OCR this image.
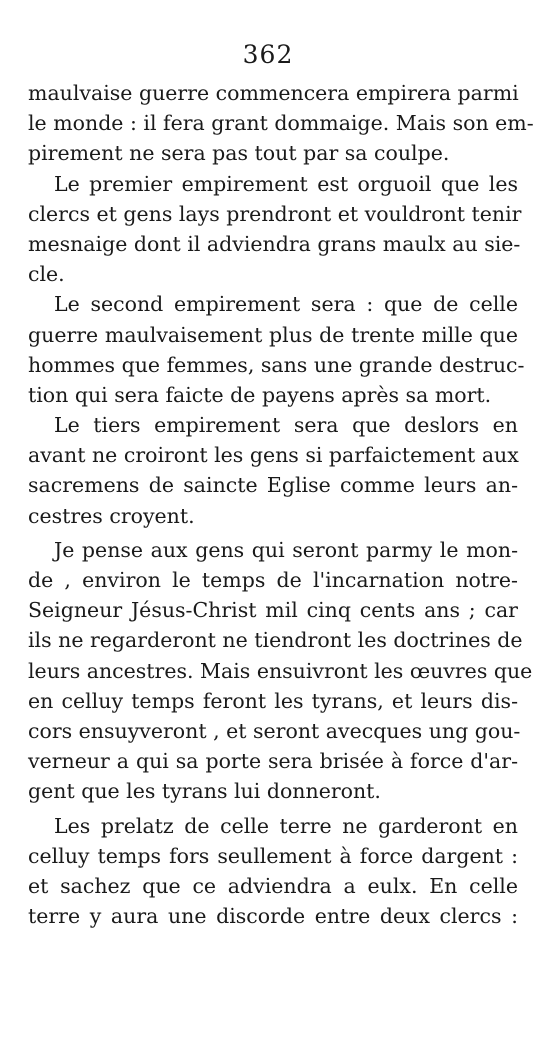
362
maulvaise guerre commencera empirera parmi
le monde : il fera grant dommaige. Mais son em-
pirement ne sera pas tout par sa coulpe.
Le premier empirement est orguoil que les
clercs et gens lays prendront et vouldront tenir
mesnaige dont il adviendra grans maulx au sie-
cle.
Le second empirement sera : que de celle
guerre maulvaisement plus de trente mille que
hommes que femmes, sans une grande destruc-
tion qui sera faicte de payens après sa mort.
Le tiers empirement sera que deslors en
avant ne croiront les gens si parfaictement aux
sacremens de saincte Eglise comme leurs an-
cestres croyent.
Je pense aux gens qui seront parmy le mon-
de , environ le temps de l'incarnation notre-
Seigneur Jésus-Christ mil cinq cents ans ; car
ils ne regarderont ne tiendront les doctrines de
leurs ancestres. Mais ensuivront les œuvres que
en celluy temps feront les tyrans, et leurs dis-
cors ensuyveront , et seront avecques ung gou-
verneur a qui sa porte sera brisée à force d'ar-
gent que les tyrans lui donneront.
Les prelatz de celle terre ne garderont en
celluy temps fors seullement à force dargent :
et sachez que ce adviendra a eulx. En celle
terre y aura une discorde entre deux clercs :
